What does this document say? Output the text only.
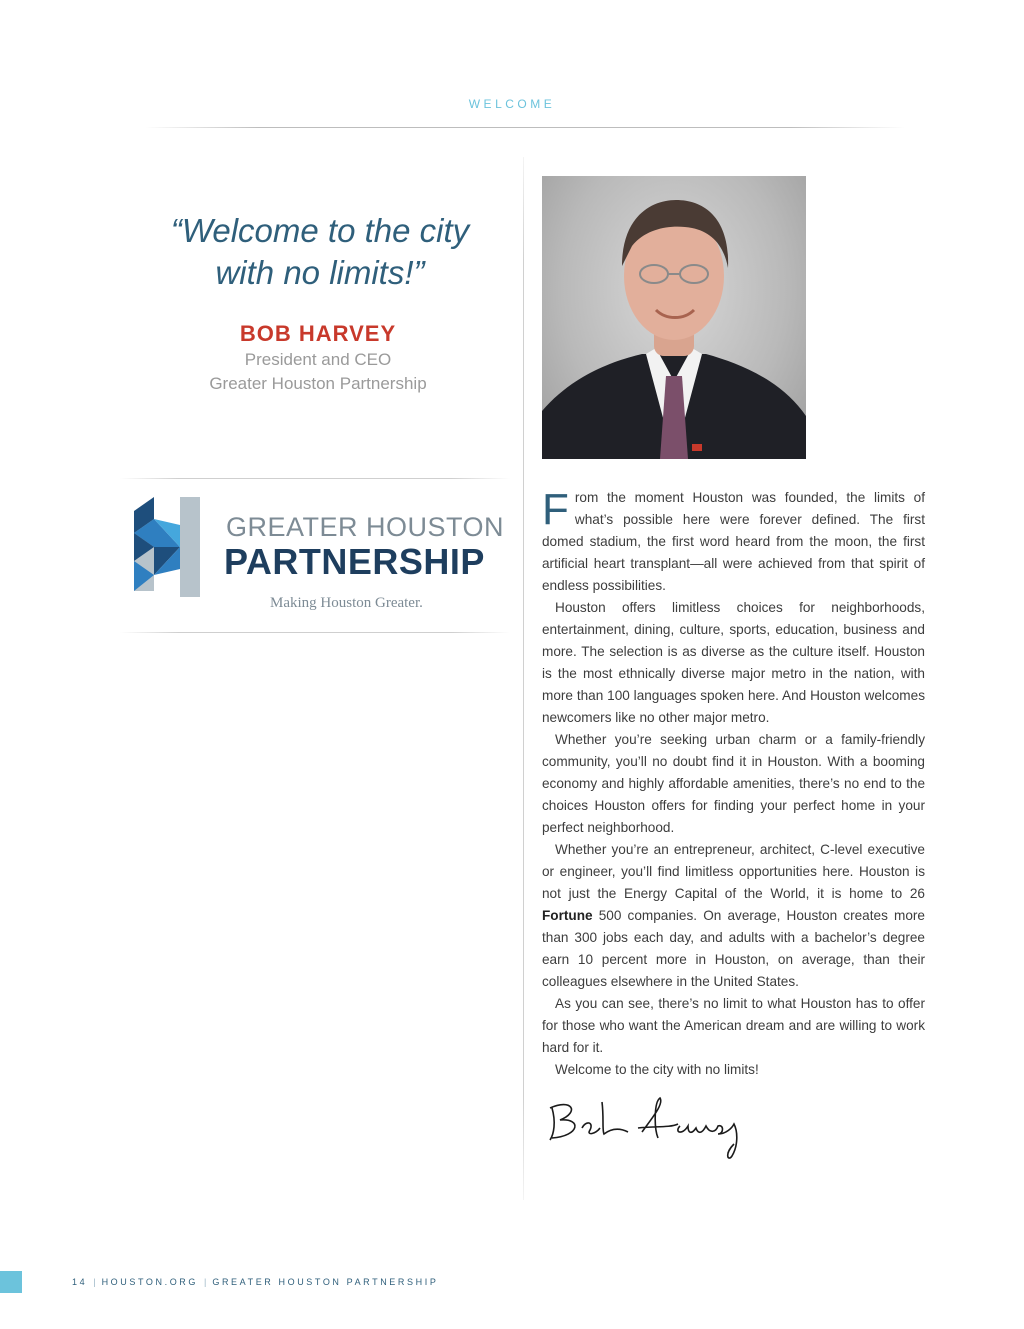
WELCOME
“Welcome to the city
with no limits!”
BOB HARVEY
President and CEO
Greater Houston Partnership
GREATER HOUSTON
PARTNERSHIP
Making Houston Greater.

From the moment Houston was founded, the limits of what’s possible here were forever defined. The first domed stadium, the first word heard from the moon, the first artificial heart transplant—all were achieved from that spirit of endless possibilities.

Houston offers limitless choices for neighborhoods, entertainment, dining, culture, sports, education, business and more. The selection is as diverse as the culture itself. Houston is the most ethnically diverse major metro in the nation, with more than 100 languages spoken here. And Houston welcomes newcomers like no other major metro.

Whether you’re seeking urban charm or a family-friendly community, you’ll no doubt find it in Houston. With a booming economy and highly affordable amenities, there’s no end to the choices Houston offers for finding your perfect home in your perfect neighborhood.

Whether you’re an entrepreneur, architect, C-level executive or engineer, you’ll find limitless opportunities here. Houston is not just the Energy Capital of the World, it is home to 26 Fortune 500 companies. On average, Houston creates more than 300 jobs each day, and adults with a bachelor’s degree earn 10 percent more in Houston, on average, than their colleagues elsewhere in the United States.

As you can see, there’s no limit to what Houston has to offer for those who want the American dream and are willing to work hard for it.

Welcome to the city with no limits!

14 | HOUSTON.ORG | GREATER HOUSTON PARTNERSHIP
